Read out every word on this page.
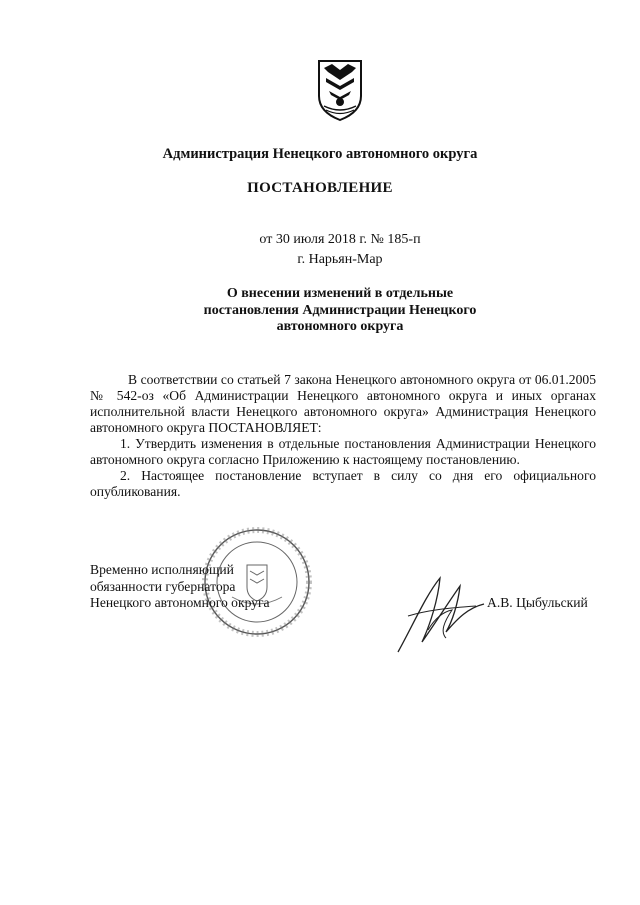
Администрация Ненецкого автономного округа
ПОСТАНОВЛЕНИЕ
от 30 июля 2018 г. № 185-п
г. Нарьян-Мар
О внесении изменений в отдельные
постановления Администрации Ненецкого
автономного округа

В соответствии со статьей 7 закона Ненецкого автономного округа от 06.01.2005 № 542-оз «Об Администрации Ненецкого автономного округа и иных органах исполнительной власти Ненецкого автономного округа» Администрация Ненецкого автономного округа ПОСТАНОВЛЯЕТ:

1. Утвердить изменения в отдельные постановления Администрации Ненецкого автономного округа согласно Приложению к настоящему постановлению.

2. Настоящее постановление вступает в силу со дня его официального опубликования.

Временно исполняющий
обязанности губернатора
Ненецкого автономного округа	А.В. Цыбульский
